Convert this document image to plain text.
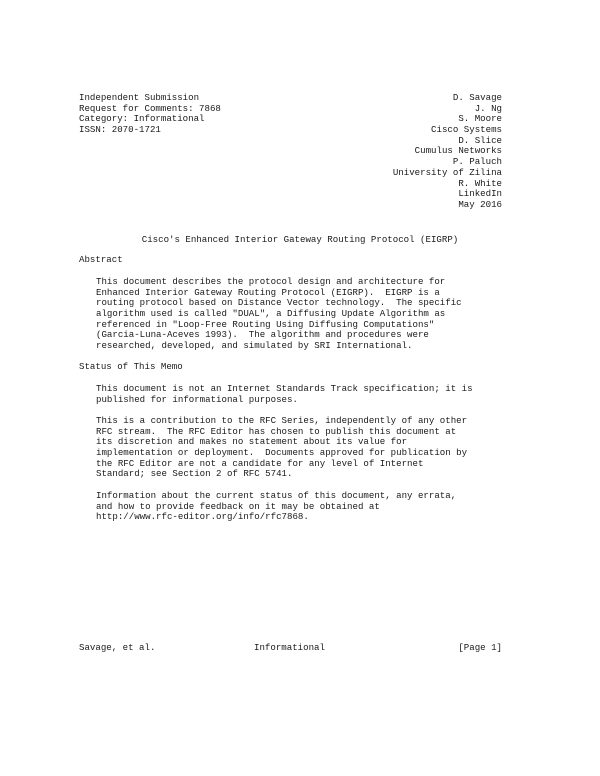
Independent Submission	D. Savage
Request for Comments: 7868	J. Ng
Category: Informational	S. Moore
ISSN: 2070-1721	Cisco Systems
D. Slice
Cumulus Networks
P. Paluch
University of Zilina
R. White
LinkedIn
May 2016
Cisco's Enhanced Interior Gateway Routing Protocol (EIGRP)
Abstract
This document describes the protocol design and architecture for
Enhanced Interior Gateway Routing Protocol (EIGRP).  EIGRP is a
routing protocol based on Distance Vector technology.  The specific
algorithm used is called "DUAL", a Diffusing Update Algorithm as
referenced in "Loop-Free Routing Using Diffusing Computations"
(Garcia-Luna-Aceves 1993).  The algorithm and procedures were
researched, developed, and simulated by SRI International.
Status of This Memo
This document is not an Internet Standards Track specification; it is
published for informational purposes.
This is a contribution to the RFC Series, independently of any other
RFC stream.  The RFC Editor has chosen to publish this document at
its discretion and makes no statement about its value for
implementation or deployment.  Documents approved for publication by
the RFC Editor are not a candidate for any level of Internet
Standard; see Section 2 of RFC 5741.
Information about the current status of this document, any errata,
and how to provide feedback on it may be obtained at
http://www.rfc-editor.org/info/rfc7868.

Savage, et al.

	Informational

	[Page 1]
